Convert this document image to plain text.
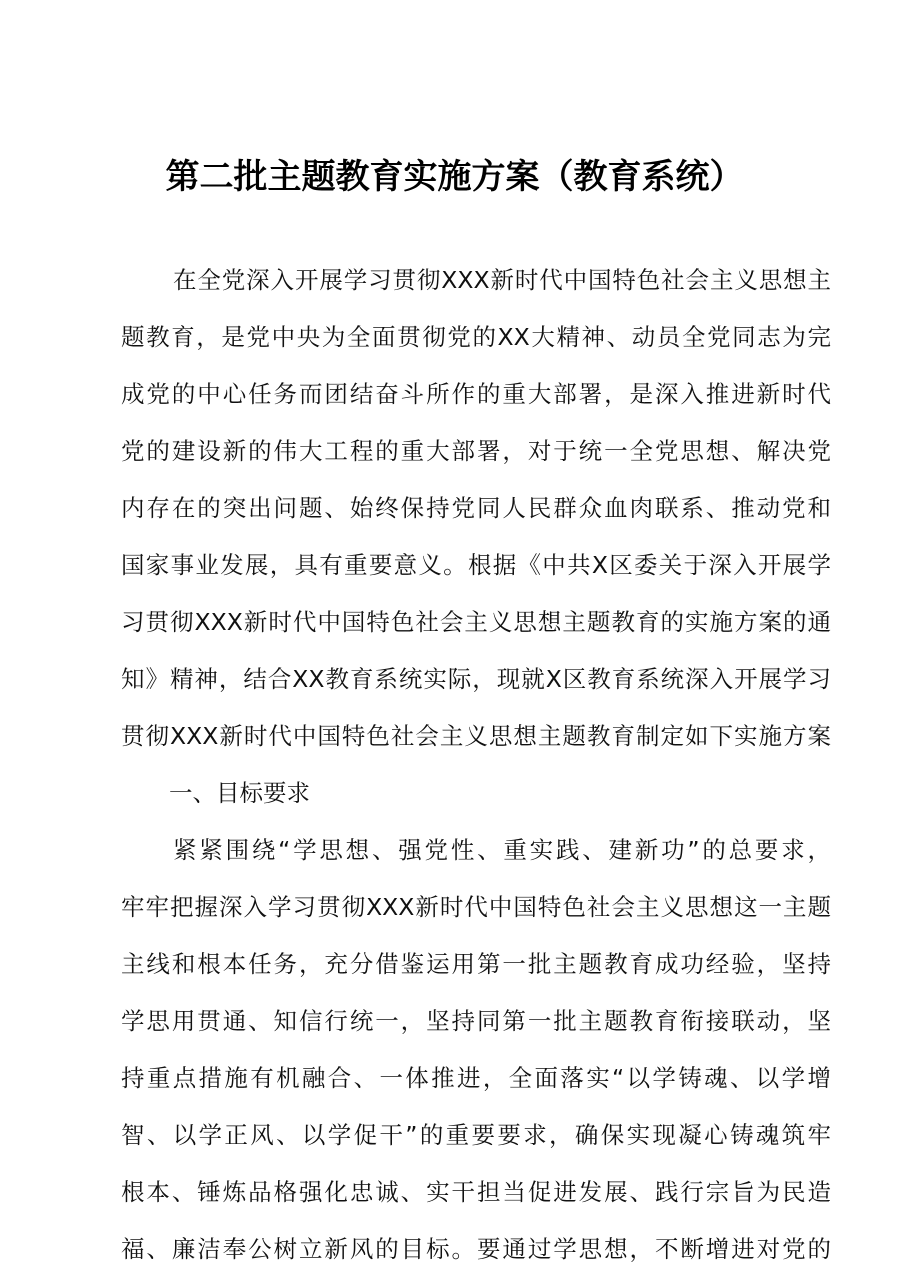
第二批主题教育实施方案（教育系统）
在全党深入开展学习贯彻XXX新时代中国特色社会主义思想主
题教育，是党中央为全面贯彻党的XX大精神、动员全党同志为完
成党的中心任务而团结奋斗所作的重大部署，是深入推进新时代
党的建设新的伟大工程的重大部署，对于统一全党思想、解决党
内存在的突出问题、始终保持党同人民群众血肉联系、推动党和
国家事业发展，具有重要意义。根据《中共X区委关于深入开展学
习贯彻XXX新时代中国特色社会主义思想主题教育的实施方案的通
知》精神，结合XX教育系统实际，现就X区教育系统深入开展学习
贯彻XXX新时代中国特色社会主义思想主题教育制定如下实施方案
一、目标要求
紧紧围绕“学思想、强党性、重实践、建新功”的总要求，
牢牢把握深入学习贯彻XXX新时代中国特色社会主义思想这一主题
主线和根本任务，充分借鉴运用第一批主题教育成功经验，坚持
学思用贯通、知信行统一，坚持同第一批主题教育衔接联动，坚
持重点措施有机融合、一体推进，全面落实“以学铸魂、以学增
智、以学正风、以学促干”的重要要求，确保实现凝心铸魂筑牢
根本、锤炼品格强化忠诚、实干担当促进发展、践行宗旨为民造
福、廉洁奉公树立新风的目标。要通过学思想，不断增进对党的
